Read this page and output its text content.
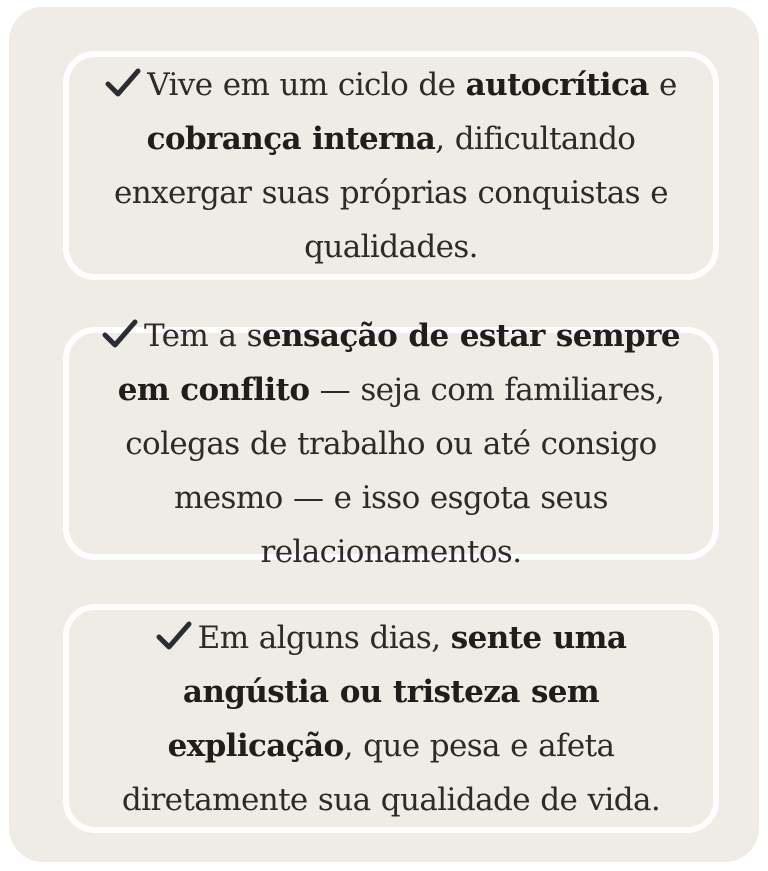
Vive em um ciclo de autocrítica e cobrança interna, dificultando enxergar suas próprias conquistas e qualidades.
Tem a sensação de estar sempre em conflito — seja com familiares, colegas de trabalho ou até consigo mesmo — e isso esgota seus relacionamentos.
Em alguns dias, sente uma angústia ou tristeza sem explicação, que pesa e afeta diretamente sua qualidade de vida.
